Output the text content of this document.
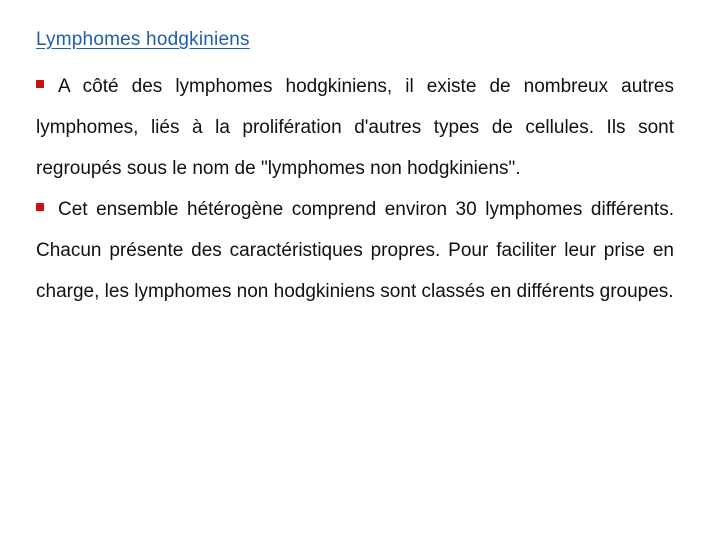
Lymphomes hodgkiniens

A côté des lymphomes hodgkiniens, il existe de nombreux autres lymphomes, liés à la prolifération d'autres types de cellules. Ils sont regroupés sous le nom de "lymphomes non hodgkiniens".

Cet ensemble hétérogène comprend environ 30 lymphomes différents. Chacun présente des caractéristiques propres. Pour faciliter leur prise en charge, les lymphomes non hodgkiniens sont classés en différents groupes.
